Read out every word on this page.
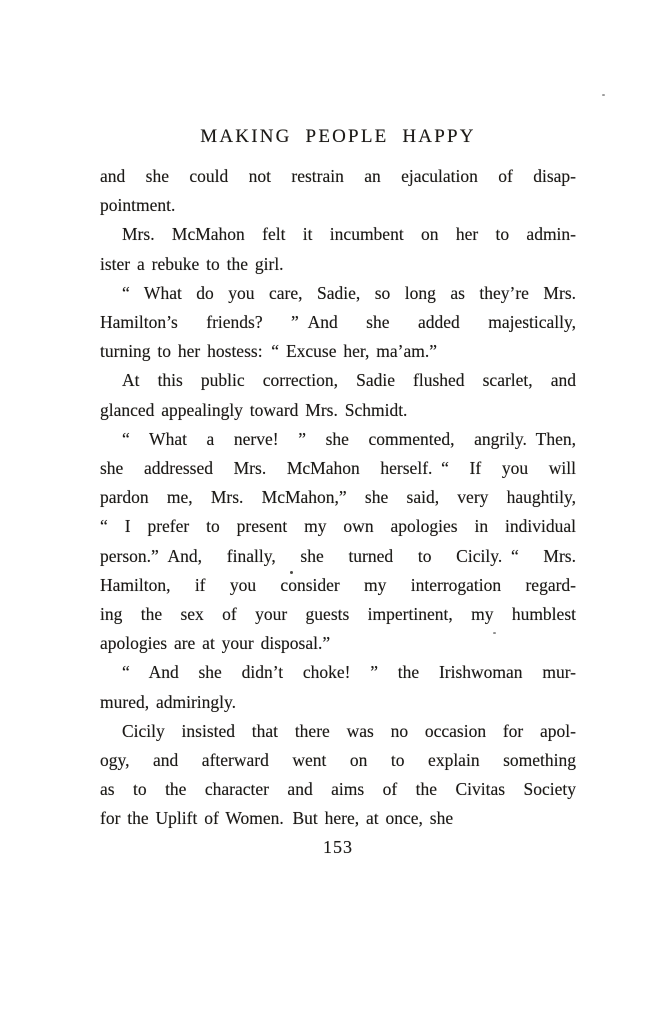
MAKING PEOPLE HAPPY
and she could not restrain an ejaculation of disap-
pointment.
Mrs. McMahon felt it incumbent on her to admin-
ister a rebuke to the girl.
“ What do you care, Sadie, so long as they’re Mrs.
Hamilton’s friends? ” And she added majestically,
turning to her hostess: “ Excuse her, ma’am.”
At this public correction, Sadie flushed scarlet, and
glanced appealingly toward Mrs. Schmidt.
“ What a nerve! ” she commented, angrily. Then,
she addressed Mrs. McMahon herself. “ If you will
pardon me, Mrs. McMahon,” she said, very haughtily,
“ I prefer to present my own apologies in individual
person.” And, finally, she turned to Cicily. “ Mrs.
Hamilton, if you consider my interrogation regard-
ing the sex of your guests impertinent, my humblest
apologies are at your disposal.”
“ And she didn’t choke! ” the Irishwoman mur-
mured, admiringly.
Cicily insisted that there was no occasion for apol-
ogy, and afterward went on to explain something
as to the character and aims of the Civitas Society
for the Uplift of Women. But here, at once, she
153
